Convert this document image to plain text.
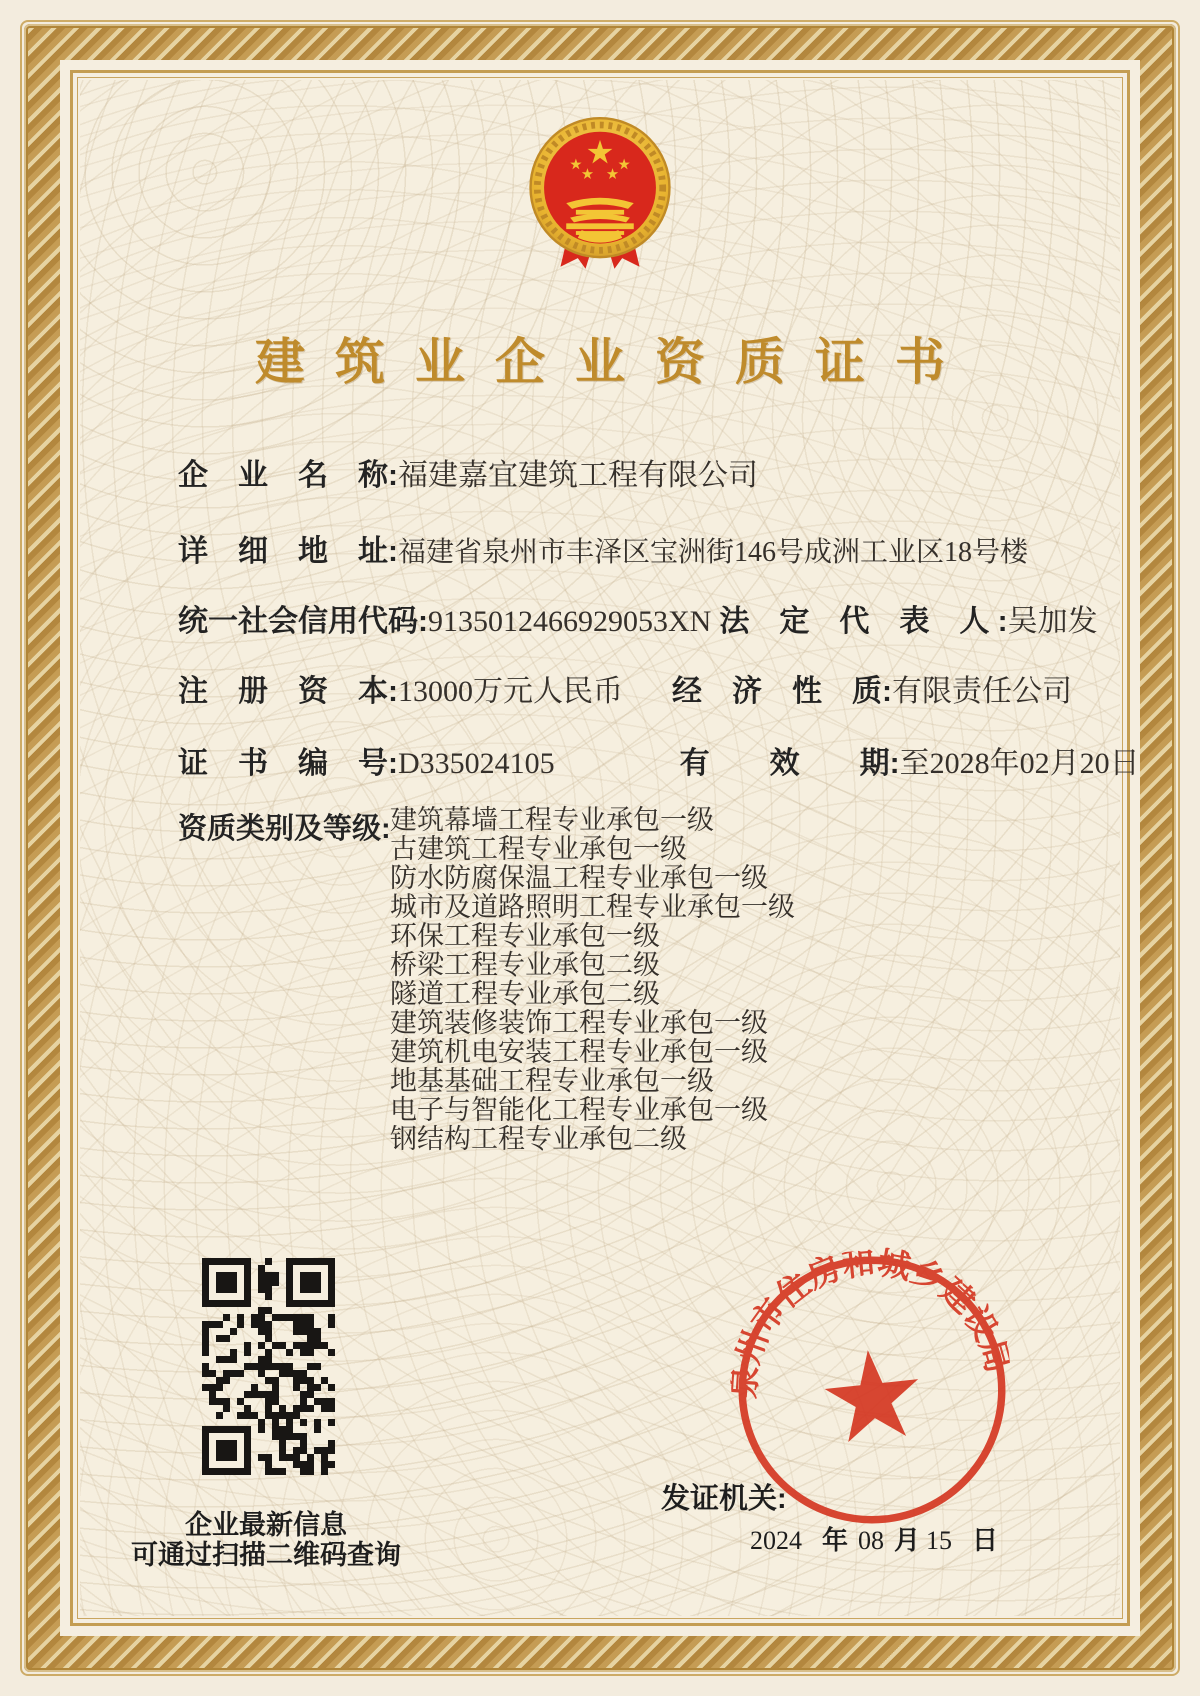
建筑业企业资质证书
企　业　名　称:福建嘉宜建筑工程有限公司
详　细　地　址:福建省泉州市丰泽区宝洲街146号成洲工业区18号楼
统一社会信用代码:9135012466929053XN 法　定　代　表　人 :吴加发
注　册　资　本:13000万元人民币 经　济　性　质:有限责任公司
证　书　编　号:D335024105	有　　效　　期:至2028年02月20日
资质类别及等级: 建筑幕墙工程专业承包一级
古建筑工程专业承包一级
防水防腐保温工程专业承包一级
城市及道路照明工程专业承包一级
环保工程专业承包一级
桥梁工程专业承包二级
隧道工程专业承包二级
建筑装修装饰工程专业承包一级
建筑机电安装工程专业承包一级
地基基础工程专业承包一级
电子与智能化工程专业承包一级
钢结构工程专业承包二级
企业最新信息
可通过扫描二维码查询
发证机关:
2024 年 08 月 15 日
泉州市住房和城乡建设局
